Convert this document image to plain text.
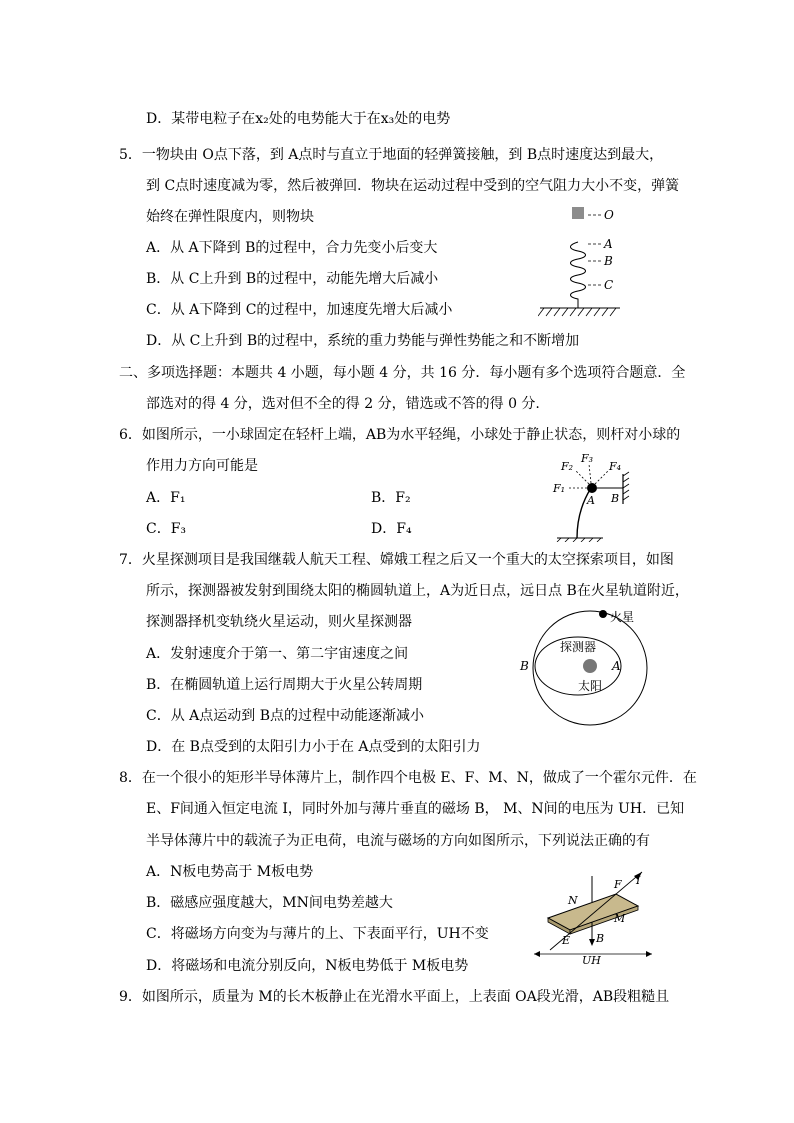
D．某带电粒子在x₂处的电势能大于在x₃处的电势
5．一物块由 O点下落，到 A点时与直立于地面的轻弹簧接触，到 B点时速度达到最大，
到 C点时速度减为零，然后被弹回．物块在运动过程中受到的空气阻力大小不变，弹簧
始终在弹性限度内，则物块
A．从 A下降到 B的过程中，合力先变小后变大
B．从 C上升到 B的过程中，动能先增大后减小
C．从 A下降到 C的过程中，加速度先增大后减小
D．从 C上升到 B的过程中，系统的重力势能与弹性势能之和不断增加
O
A
B
C
二、多项选择题：本题共 4 小题，每小题 4 分，共 16 分．每小题有多个选项符合题意．全
部选对的得 4 分，选对但不全的得 2 分，错选或不答的得 0 分.
6．如图所示，一小球固定在轻杆上端，AB为水平轻绳，小球处于静止状态，则杆对小球的
作用力方向可能是
A．F₁	B．F₂
C．F₃	D．F₄
F₁
F₂
F₃
F₄
A B
7．火星探测项目是我国继载人航天工程、嫦娥工程之后又一个重大的太空探索项目，如图
所示，探测器被发射到围绕太阳的椭圆轨道上，A为近日点，远日点 B在火星轨道附近，
探测器择机变轨绕火星运动，则火星探测器
A．发射速度介于第一、第二宇宙速度之间
B．在椭圆轨道上运行周期大于火星公转周期
C．从 A点运动到 B点的过程中动能逐渐减小
D．在 B点受到的太阳引力小于在 A点受到的太阳引力
火星
探测器
太阳
B	A
8．在一个很小的矩形半导体薄片上，制作四个电极 E、F、M、N，做成了一个霍尔元件．在
E、F间通入恒定电流 I，同时外加与薄片垂直的磁场 B， M、N间的电压为 UH．已知
半导体薄片中的载流子为正电荷，电流与磁场的方向如图所示，下列说法正确的有
A．N板电势高于 M板电势
B．磁感应强度越大，MN间电势差越大
C．将磁场方向变为与薄片的上、下表面平行，UH不变
D．将磁场和电流分别反向，N板电势低于 M板电势
N
F I
M
E B
UH
9．如图所示，质量为 M的长木板静止在光滑水平面上，上表面 OA段光滑，AB段粗糙且
